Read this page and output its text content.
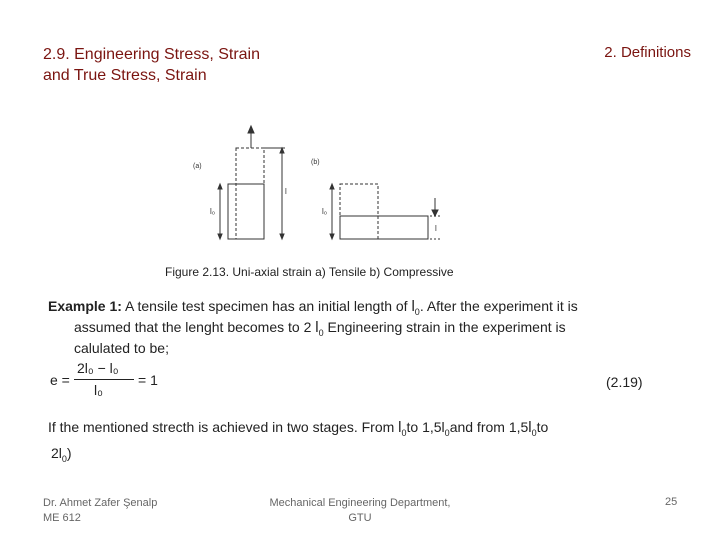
2.9. Engineering Stress, Strain
and True Stress, Strain
2. Definitions
(a)
l₀
l
(b)
l₀
l
Figure 2.13. Uni-axial strain a) Tensile b) Compressive
Example 1: A tensile test specimen has an initial length of $l_0$. After the experiment it is
assumed that the lenght becomes to 2 $l_0$ Engineering strain in the experiment is
calulated to be;
e =
2l₀ − l₀
l₀
= 1	(2.19)
If the mentioned strecth is achieved in two stages. From $l_0to$ $1,5l_0and$ from $1,5l_0to$
$2l_0$)
Dr. Ahmet Zafer Şenalp
ME 612
Mechanical Engineering Department,
GTU
25
